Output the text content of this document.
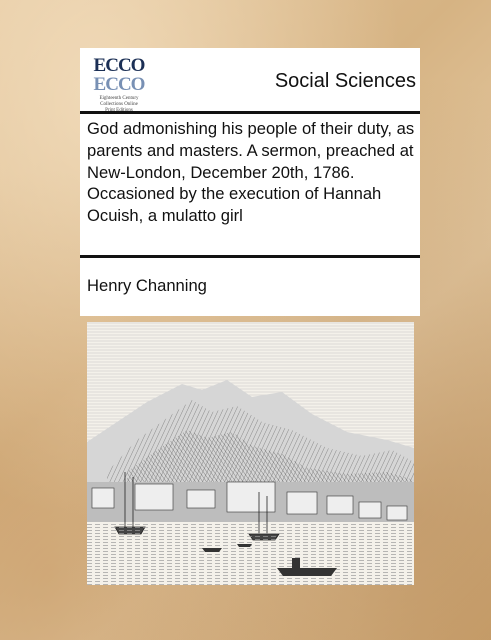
ECCO
ECCO
Eighteenth Century
Collections Online
Social Sciences
God admonishing his people of their duty, as parents and masters. A sermon, preached at New-London, December 20th, 1786. Occasioned by the execution of Hannah Ocuish, a mulatto girl
Henry Channing
